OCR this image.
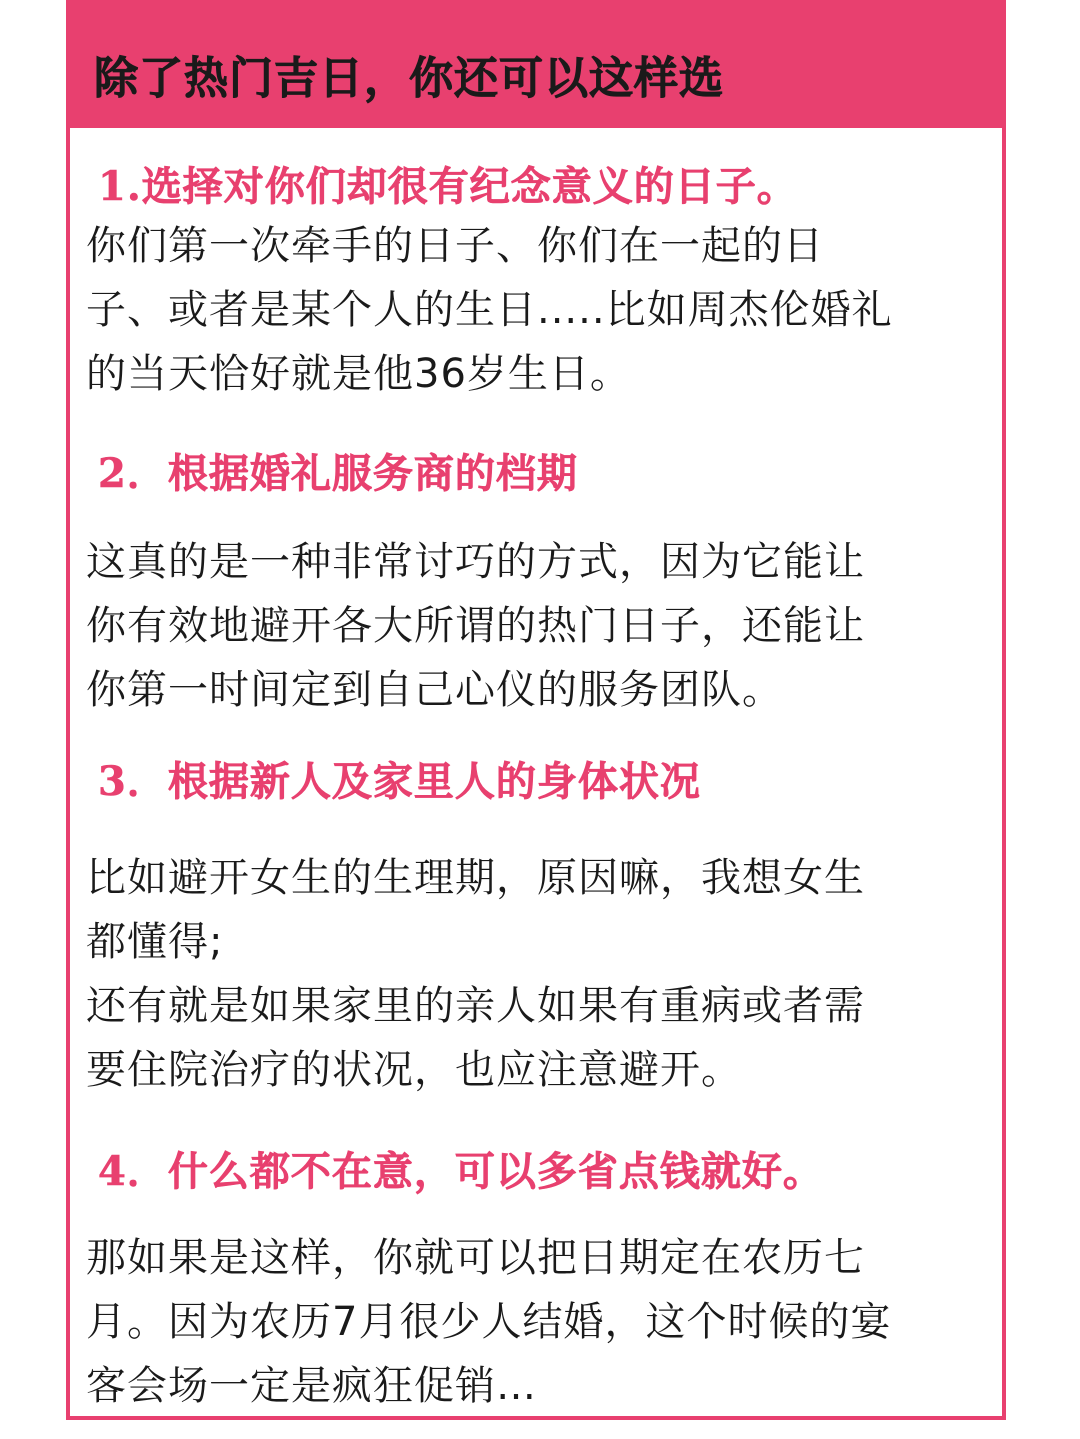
除了热门吉日，你还可以这样选
1.选择对你们却很有纪念意义的日子。
你们第一次牵手的日子、你们在一起的日
子、或者是某个人的生日.....比如周杰伦婚礼
的当天恰好就是他36岁生日。
2．根据婚礼服务商的档期
这真的是一种非常讨巧的方式，因为它能让
你有效地避开各大所谓的热门日子，还能让
你第一时间定到自己心仪的服务团队。
3．根据新人及家里人的身体状况
比如避开女生的生理期，原因嘛，我想女生
都懂得;
还有就是如果家里的亲人如果有重病或者需
要住院治疗的状况，也应注意避开。
4．什么都不在意，可以多省点钱就好。
那如果是这样，你就可以把日期定在农历七
月。因为农历7月很少人结婚，这个时候的宴
客会场一定是疯狂促销…
